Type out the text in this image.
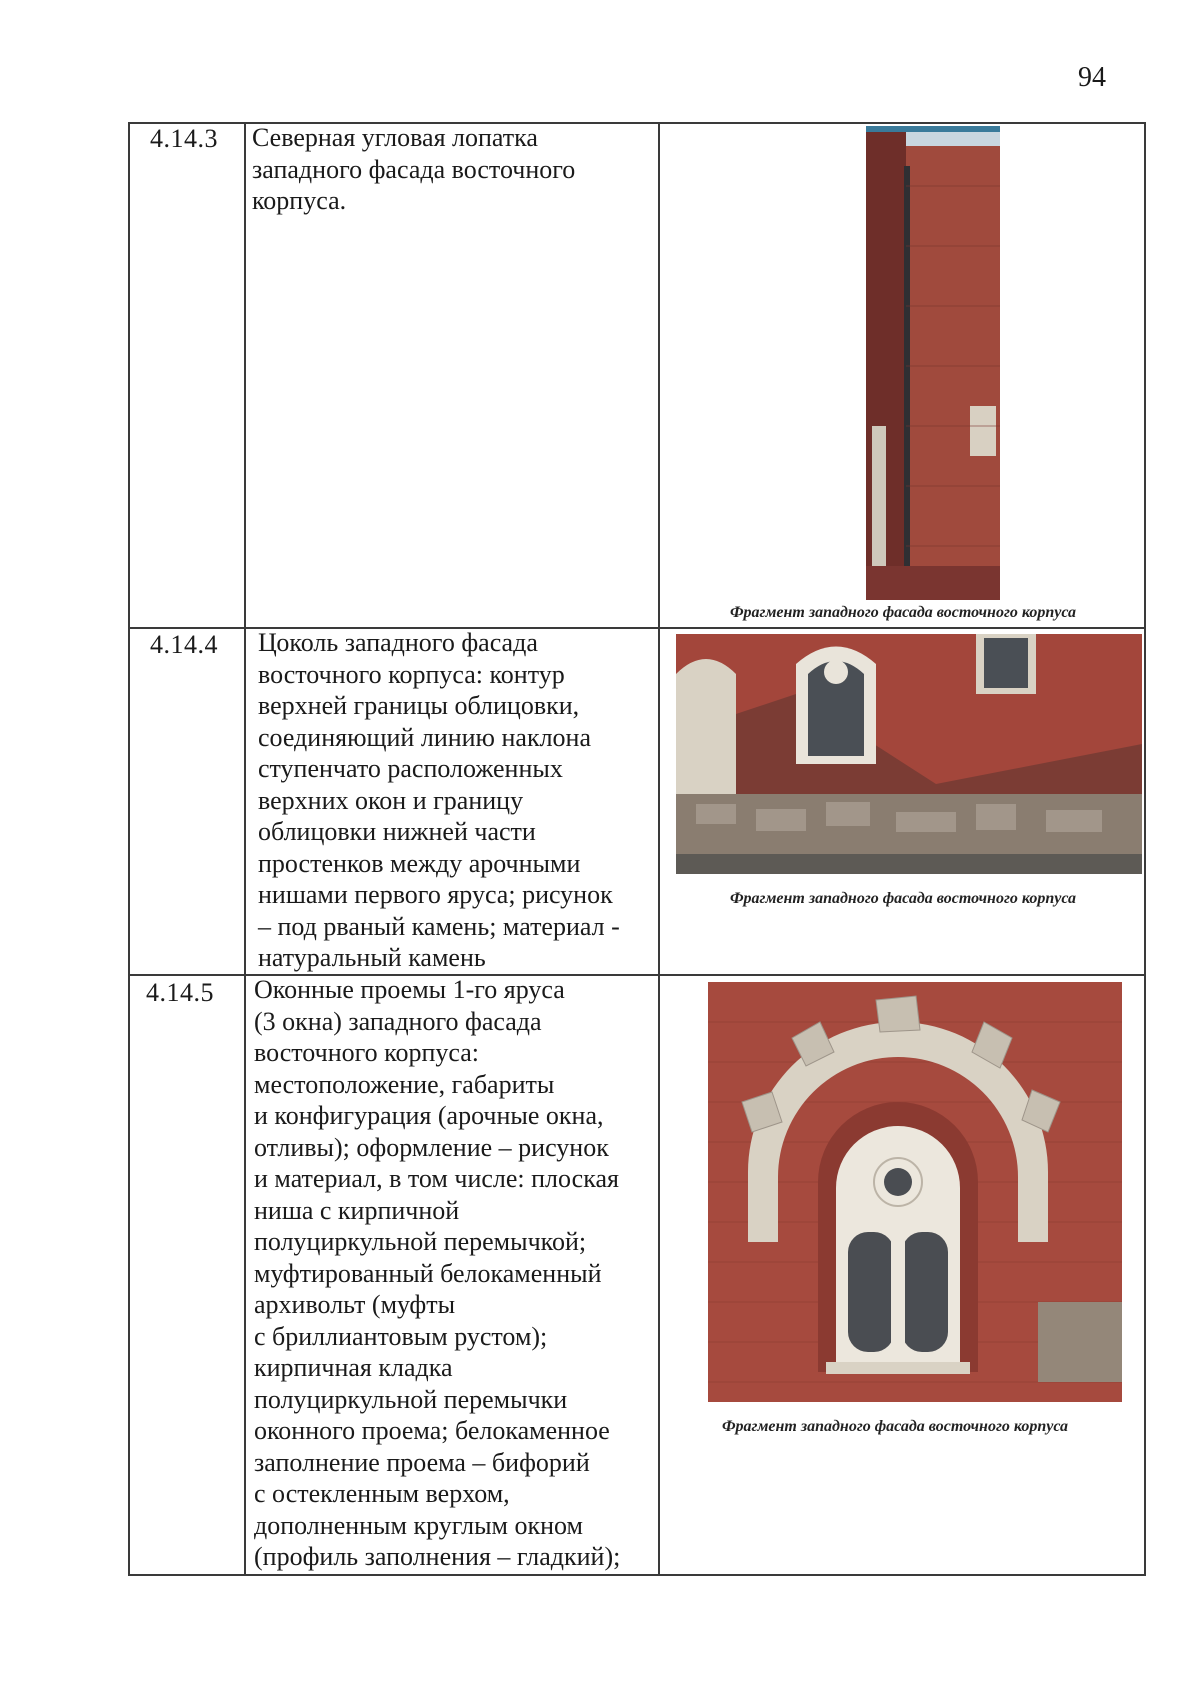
94
4.14.3 Северная угловая лопатка
западного фасада восточного
корпуса.
Фрагмент западного фасада восточного корпуса
4.14.4 Цоколь западного фасада
восточного корпуса: контур
верхней границы облицовки,
соединяющий линию наклона
ступенчато расположенных
верхних окон и границу
облицовки нижней части
простенков между арочными
нишами первого яруса; рисунок
– под рваный камень; материал -
натуральный камень
Фрагмент западного фасада восточного корпуса
4.14.5 Оконные проемы 1-го яруса
(3 окна) западного фасада
восточного корпуса:
местоположение, габариты
и конфигурация (арочные окна,
отливы); оформление – рисунок
и материал, в том числе: плоская
ниша с кирпичной
полуциркульной перемычкой;
муфтированный белокаменный
архивольт (муфты
с бриллиантовым рустом);
кирпичная кладка
полуциркульной перемычки
оконного проема; белокаменное
заполнение проема – бифорий
с остекленным верхом,
дополненным круглым окном
(профиль заполнения – гладкий);
Фрагмент западного фасада восточного корпуса
